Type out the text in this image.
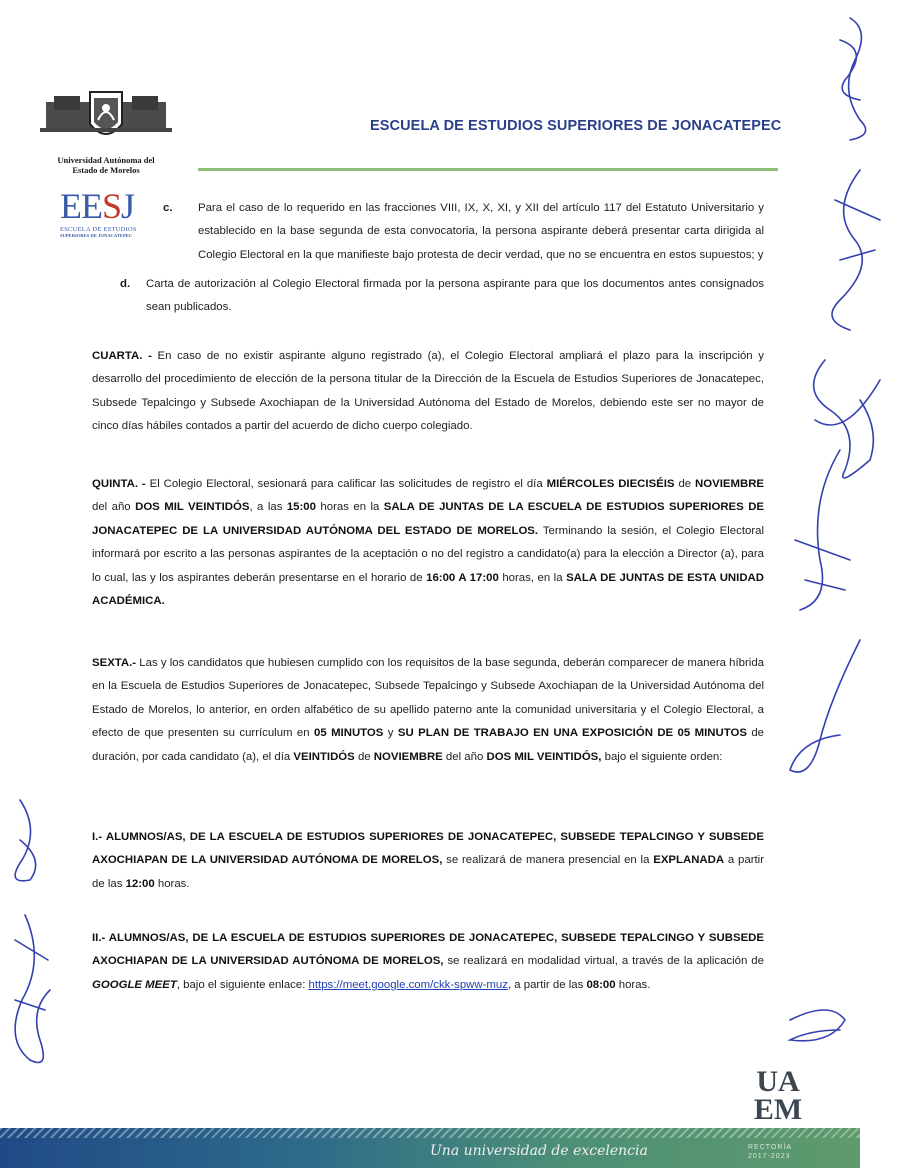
Universidad Autónoma del
Estado de Morelos
ESCUELA DE ESTUDIOS SUPERIORES DE JONACATEPEC
EESJ
ESCUELA DE ESTUDIOS
SUPERIORES DE JONACATEPEC
c. Para el caso de lo requerido en las fracciones VIII, IX, X, XI, y XII del artículo 117 del Estatuto Universitario y establecido en la base segunda de esta convocatoria, la persona aspirante deberá presentar carta dirigida al Colegio Electoral en la que manifieste bajo protesta de decir verdad, que no se encuentra en estos supuestos; y
d. Carta de autorización al Colegio Electoral firmada por la persona aspirante para que los documentos antes consignados sean publicados.
CUARTA. - En caso de no existir aspirante alguno registrado (a), el Colegio Electoral ampliará el plazo para la inscripción y desarrollo del procedimiento de elección de la persona titular de la Dirección de la Escuela de Estudios Superiores de Jonacatepec, Subsede Tepalcingo y Subsede Axochiapan de la Universidad Autónoma del Estado de Morelos, debiendo este ser no mayor de cinco días hábiles contados a partir del acuerdo de dicho cuerpo colegiado.
QUINTA. - El Colegio Electoral, sesionará para calificar las solicitudes de registro el día MIÉRCOLES DIECISÉIS de NOVIEMBRE del año DOS MIL VEINTIDÓS, a las 15:00 horas en la SALA DE JUNTAS DE LA ESCUELA DE ESTUDIOS SUPERIORES DE JONACATEPEC DE LA UNIVERSIDAD AUTÓNOMA DEL ESTADO DE MORELOS. Terminando la sesión, el Colegio Electoral informará por escrito a las personas aspirantes de la aceptación o no del registro a candidato(a) para la elección a Director (a), para lo cual, las y los aspirantes deberán presentarse en el horario de 16:00 A 17:00 horas, en la SALA DE JUNTAS DE ESTA UNIDAD ACADÉMICA.
SEXTA.- Las y los candidatos que hubiesen cumplido con los requisitos de la base segunda, deberán comparecer de manera híbrida en la Escuela de Estudios Superiores de Jonacatepec, Subsede Tepalcingo y Subsede Axochiapan de la Universidad Autónoma del Estado de Morelos, lo anterior, en orden alfabético de su apellido paterno ante la comunidad universitaria y el Colegio Electoral, a efecto de que presenten su currículum en 05 MINUTOS y SU PLAN DE TRABAJO EN UNA EXPOSICIÓN DE 05 MINUTOS de duración, por cada candidato (a), el día VEINTIDÓS de NOVIEMBRE del año DOS MIL VEINTIDÓS, bajo el siguiente orden:
I.- ALUMNOS/AS, DE LA ESCUELA DE ESTUDIOS SUPERIORES DE JONACATEPEC, SUBSEDE TEPALCINGO Y SUBSEDE AXOCHIAPAN DE LA UNIVERSIDAD AUTÓNOMA DE MORELOS, se realizará de manera presencial en la EXPLANADA a partir de las 12:00 horas.
II.- ALUMNOS/AS, DE LA ESCUELA DE ESTUDIOS SUPERIORES DE JONACATEPEC, SUBSEDE TEPALCINGO Y SUBSEDE AXOCHIAPAN DE LA UNIVERSIDAD AUTÓNOMA DE MORELOS, se realizará en modalidad virtual, a través de la aplicación de GOOGLE MEET, bajo el siguiente enlace: https://meet.google.com/ckk-spww-muz, a partir de las 08:00 horas.
UA
EM
Una universidad de excelencia	RECTORÍA
2017-2023
